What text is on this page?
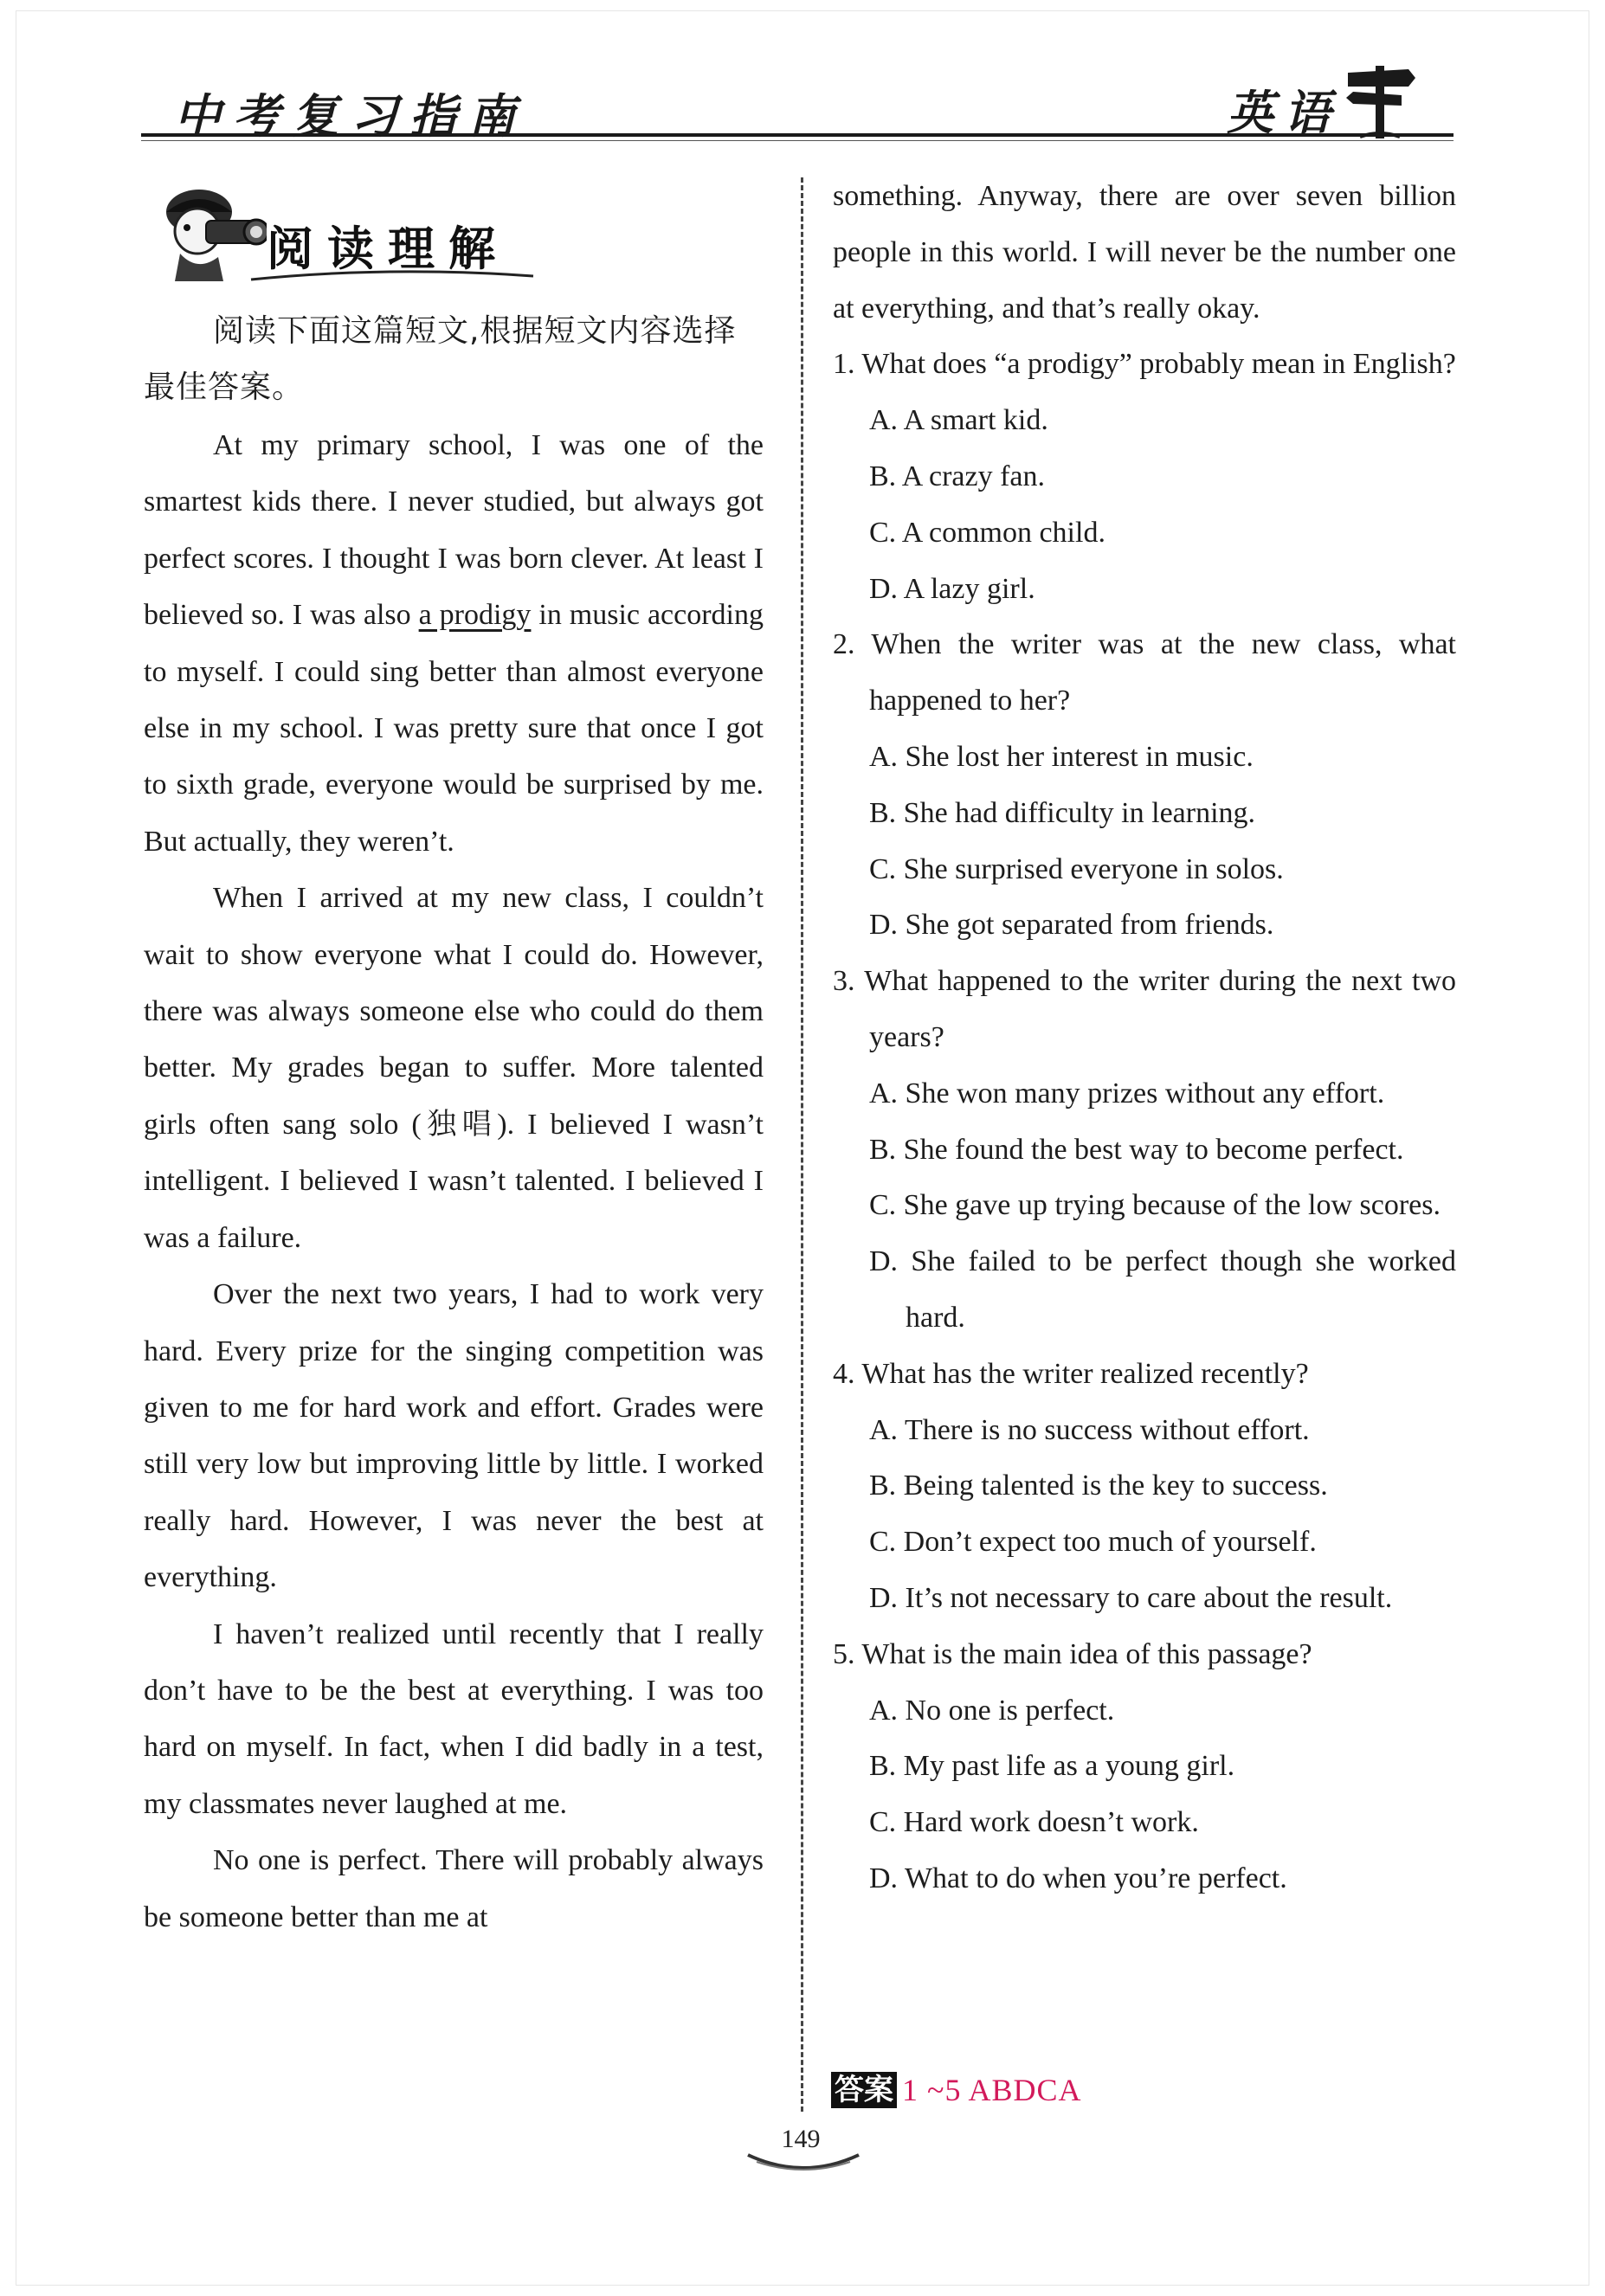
中考复习指南	英语
阅读理解

阅读下面这篇短文,根据短文内容选择最佳答案。

At my primary school, I was one of the smartest kids there. I never studied, but always got perfect scores. I thought I was born clever. At least I believed so. I was also a prodigy in music according to myself. I could sing better than almost everyone else in my school. I was pretty sure that once I got to sixth grade, everyone would be surprised by me. But actually, they weren’t.

When I arrived at my new class, I couldn’t wait to show everyone what I could do. However, there was always someone else who could do them better. My grades began to suffer. More talented girls often sang solo (独唱). I believed I wasn’t intelligent. I believed I wasn’t talented. I believed I was a failure.

Over the next two years, I had to work very hard. Every prize for the singing competition was given to me for hard work and effort. Grades were still very low but improving little by little. I worked really hard. However, I was never the best at everything.

I haven’t realized until recently that I really don’t have to be the best at everything. I was too hard on myself. In fact, when I did badly in a test, my classmates never laughed at me.

No one is perfect. There will probably always be someone better than me at

something. Anyway, there are over seven billion people in this world. I will never be the number one at everything, and that’s really okay.

1. What does “a prodigy” probably mean in English?

A. A smart kid.

B. A crazy fan.

C. A common child.

D. A lazy girl.

2. When the writer was at the new class, what happened to her?

A. She lost her interest in music.

B. She had difficulty in learning.

C. She surprised everyone in solos.

D. She got separated from friends.

3. What happened to the writer during the next two years?

A. She won many prizes without any effort.

B. She found the best way to become perfect.

C. She gave up trying because of the low scores.

D. She failed to be perfect though she worked hard.

4. What has the writer realized recently?

A. There is no success without effort.

B. Being talented is the key to success.

C. Don’t expect too much of yourself.

D. It’s not necessary to care about the result.

5. What is the main idea of this passage?

A. No one is perfect.

B. My past life as a young girl.

C. Hard work doesn’t work.

D. What to do when you’re perfect.

答案 1 ~5 ABDCA
149
